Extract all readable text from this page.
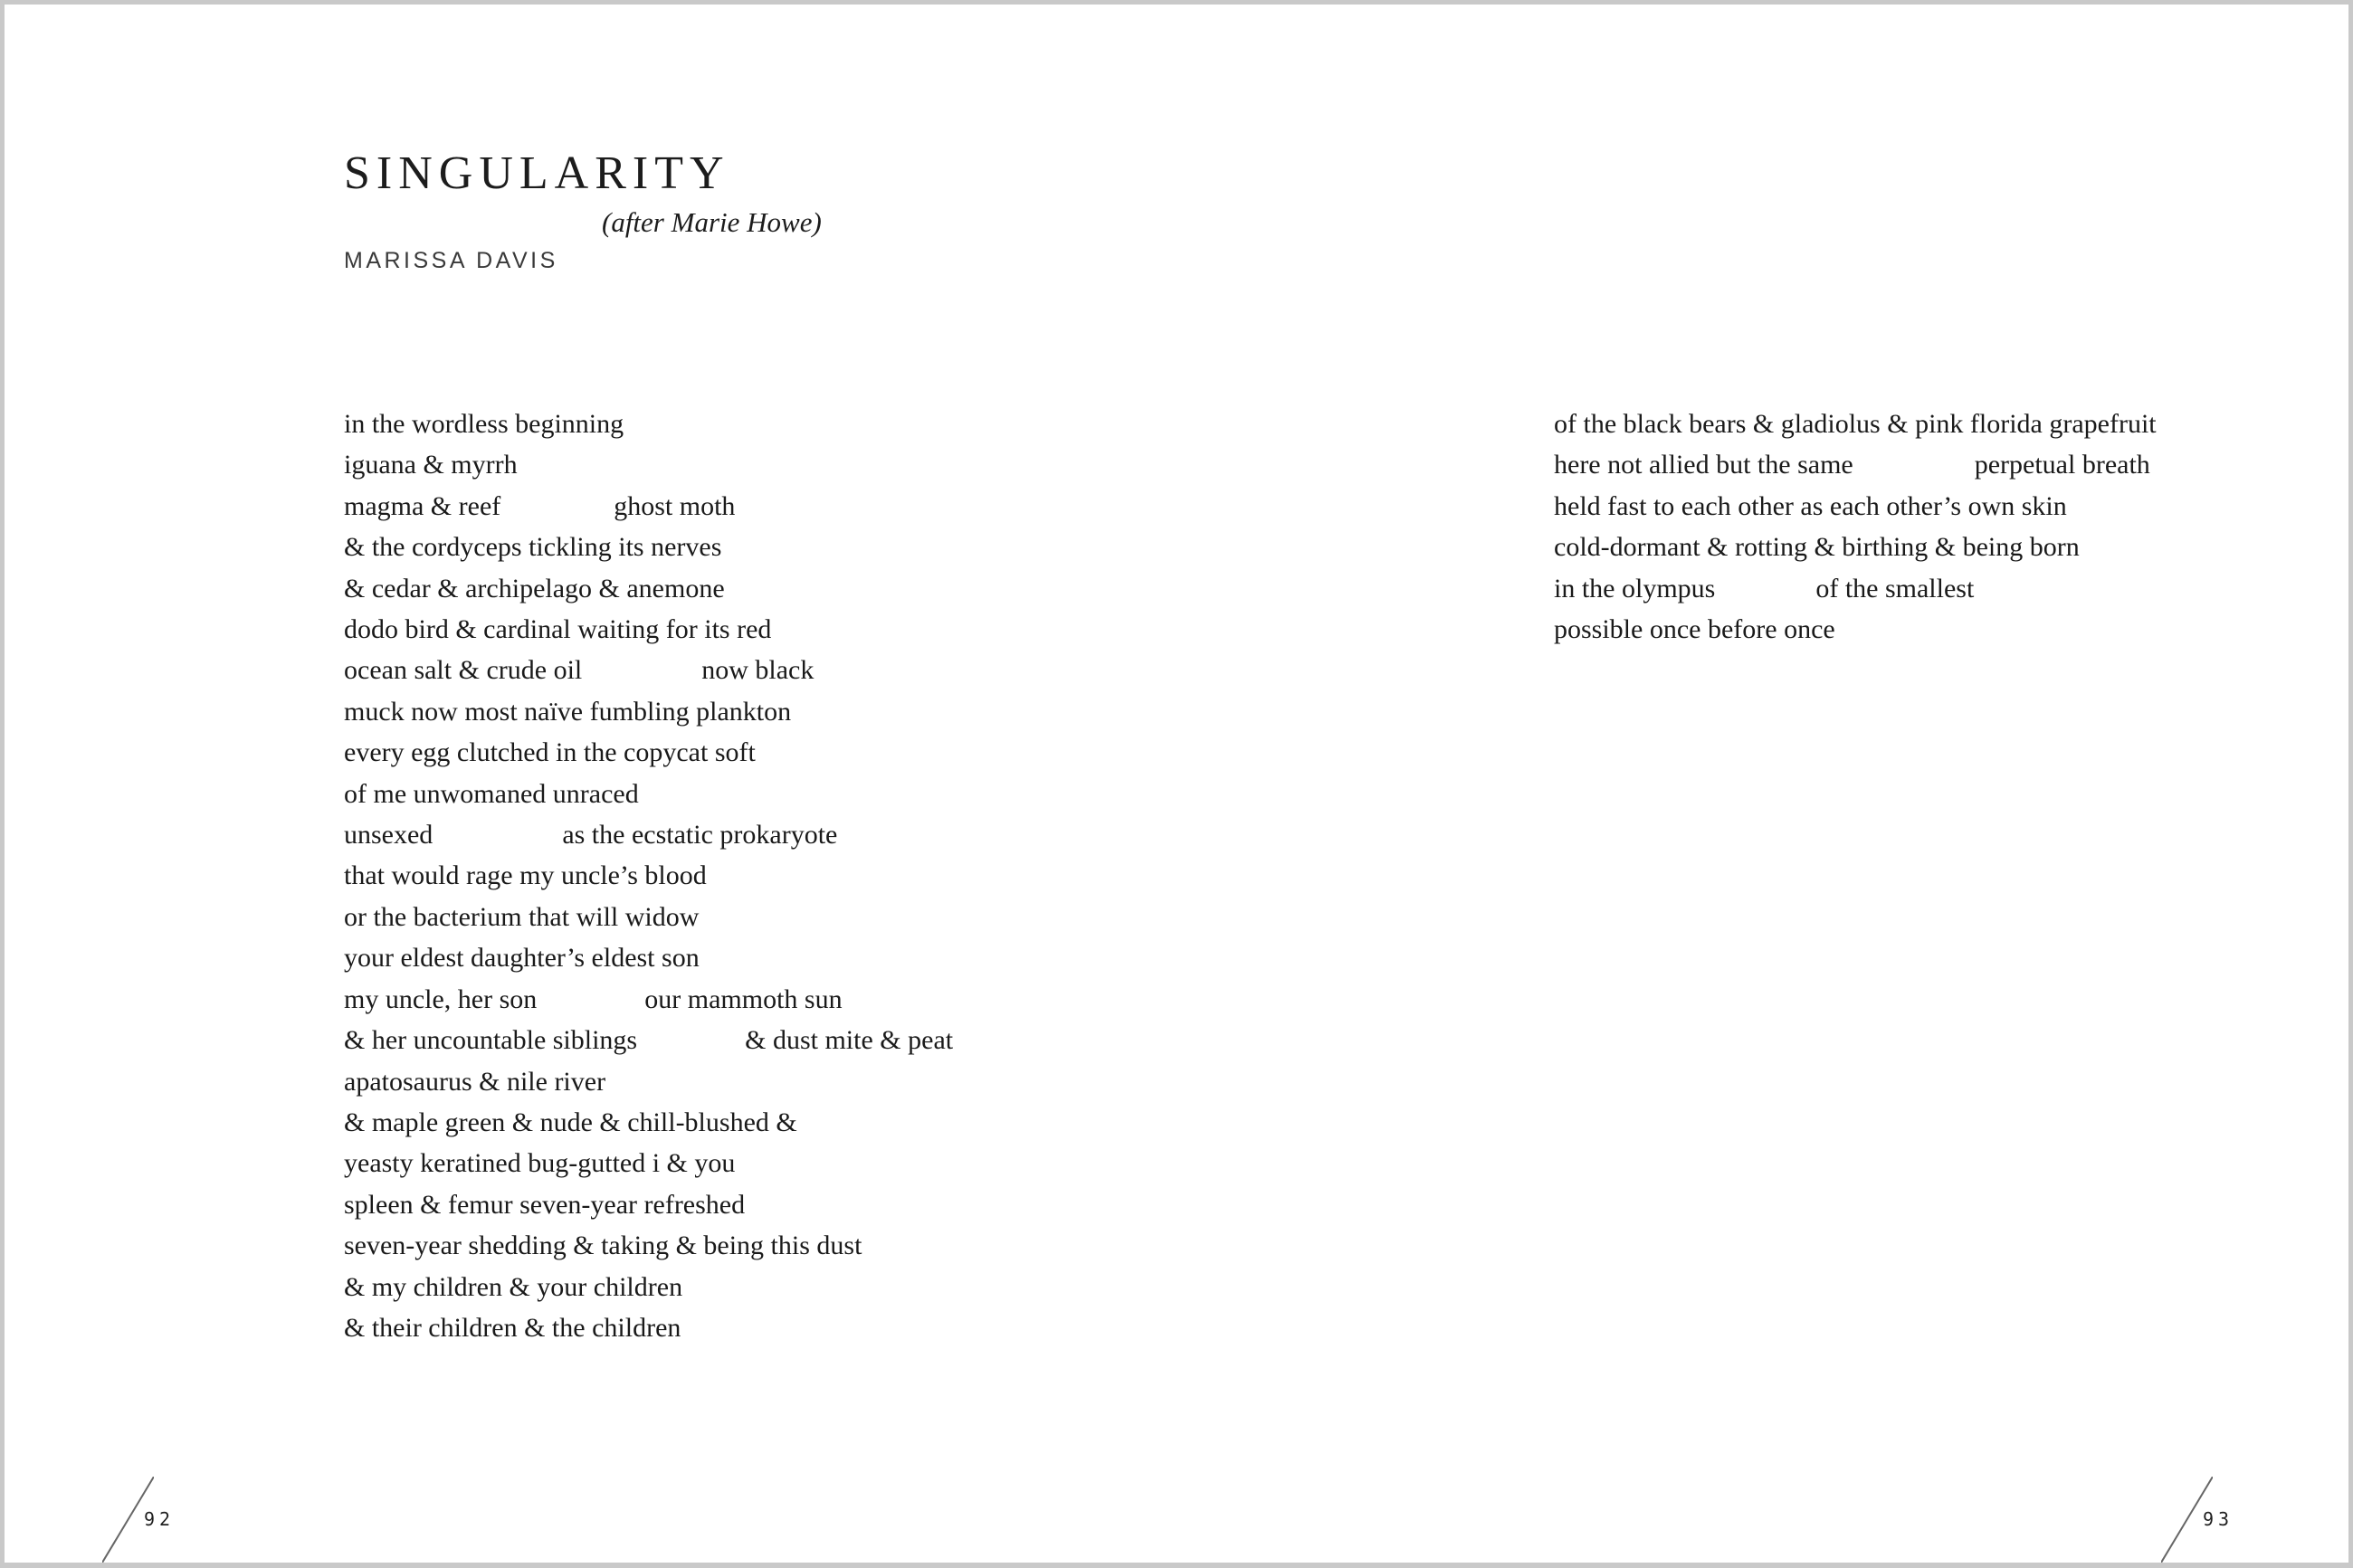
SINGULARITY
(after Marie Howe)
MARISSA DAVIS
in the wordless beginning
iguana & myrrh
magma & reef	ghost moth
& the cordyceps tickling its nerves
& cedar & archipelago & anemone
dodo bird & cardinal waiting for its red
ocean salt & crude oil	now black
muck now most naïve fumbling plankton
every egg clutched in the copycat soft
of me unwomaned unraced
unsexed	as the ecstatic prokaryote
that would rage my uncle’s blood
or the bacterium that will widow
your eldest daughter’s eldest son
my uncle, her son	our mammoth sun
& her uncountable siblings	& dust mite & peat
apatosaurus & nile river
& maple green & nude & chill-blushed &
yeasty keratined bug-gutted i & you
spleen & femur seven-year refreshed
seven-year shedding & taking & being this dust
& my children & your children
& their children & the children
of the black bears & gladiolus & pink florida grapefruit
here not allied but the same	perpetual breath
held fast to each other as each other’s own skin
cold-dormant & rotting & birthing & being born
in the olympus	of the smallest
possible once before once
92	93
